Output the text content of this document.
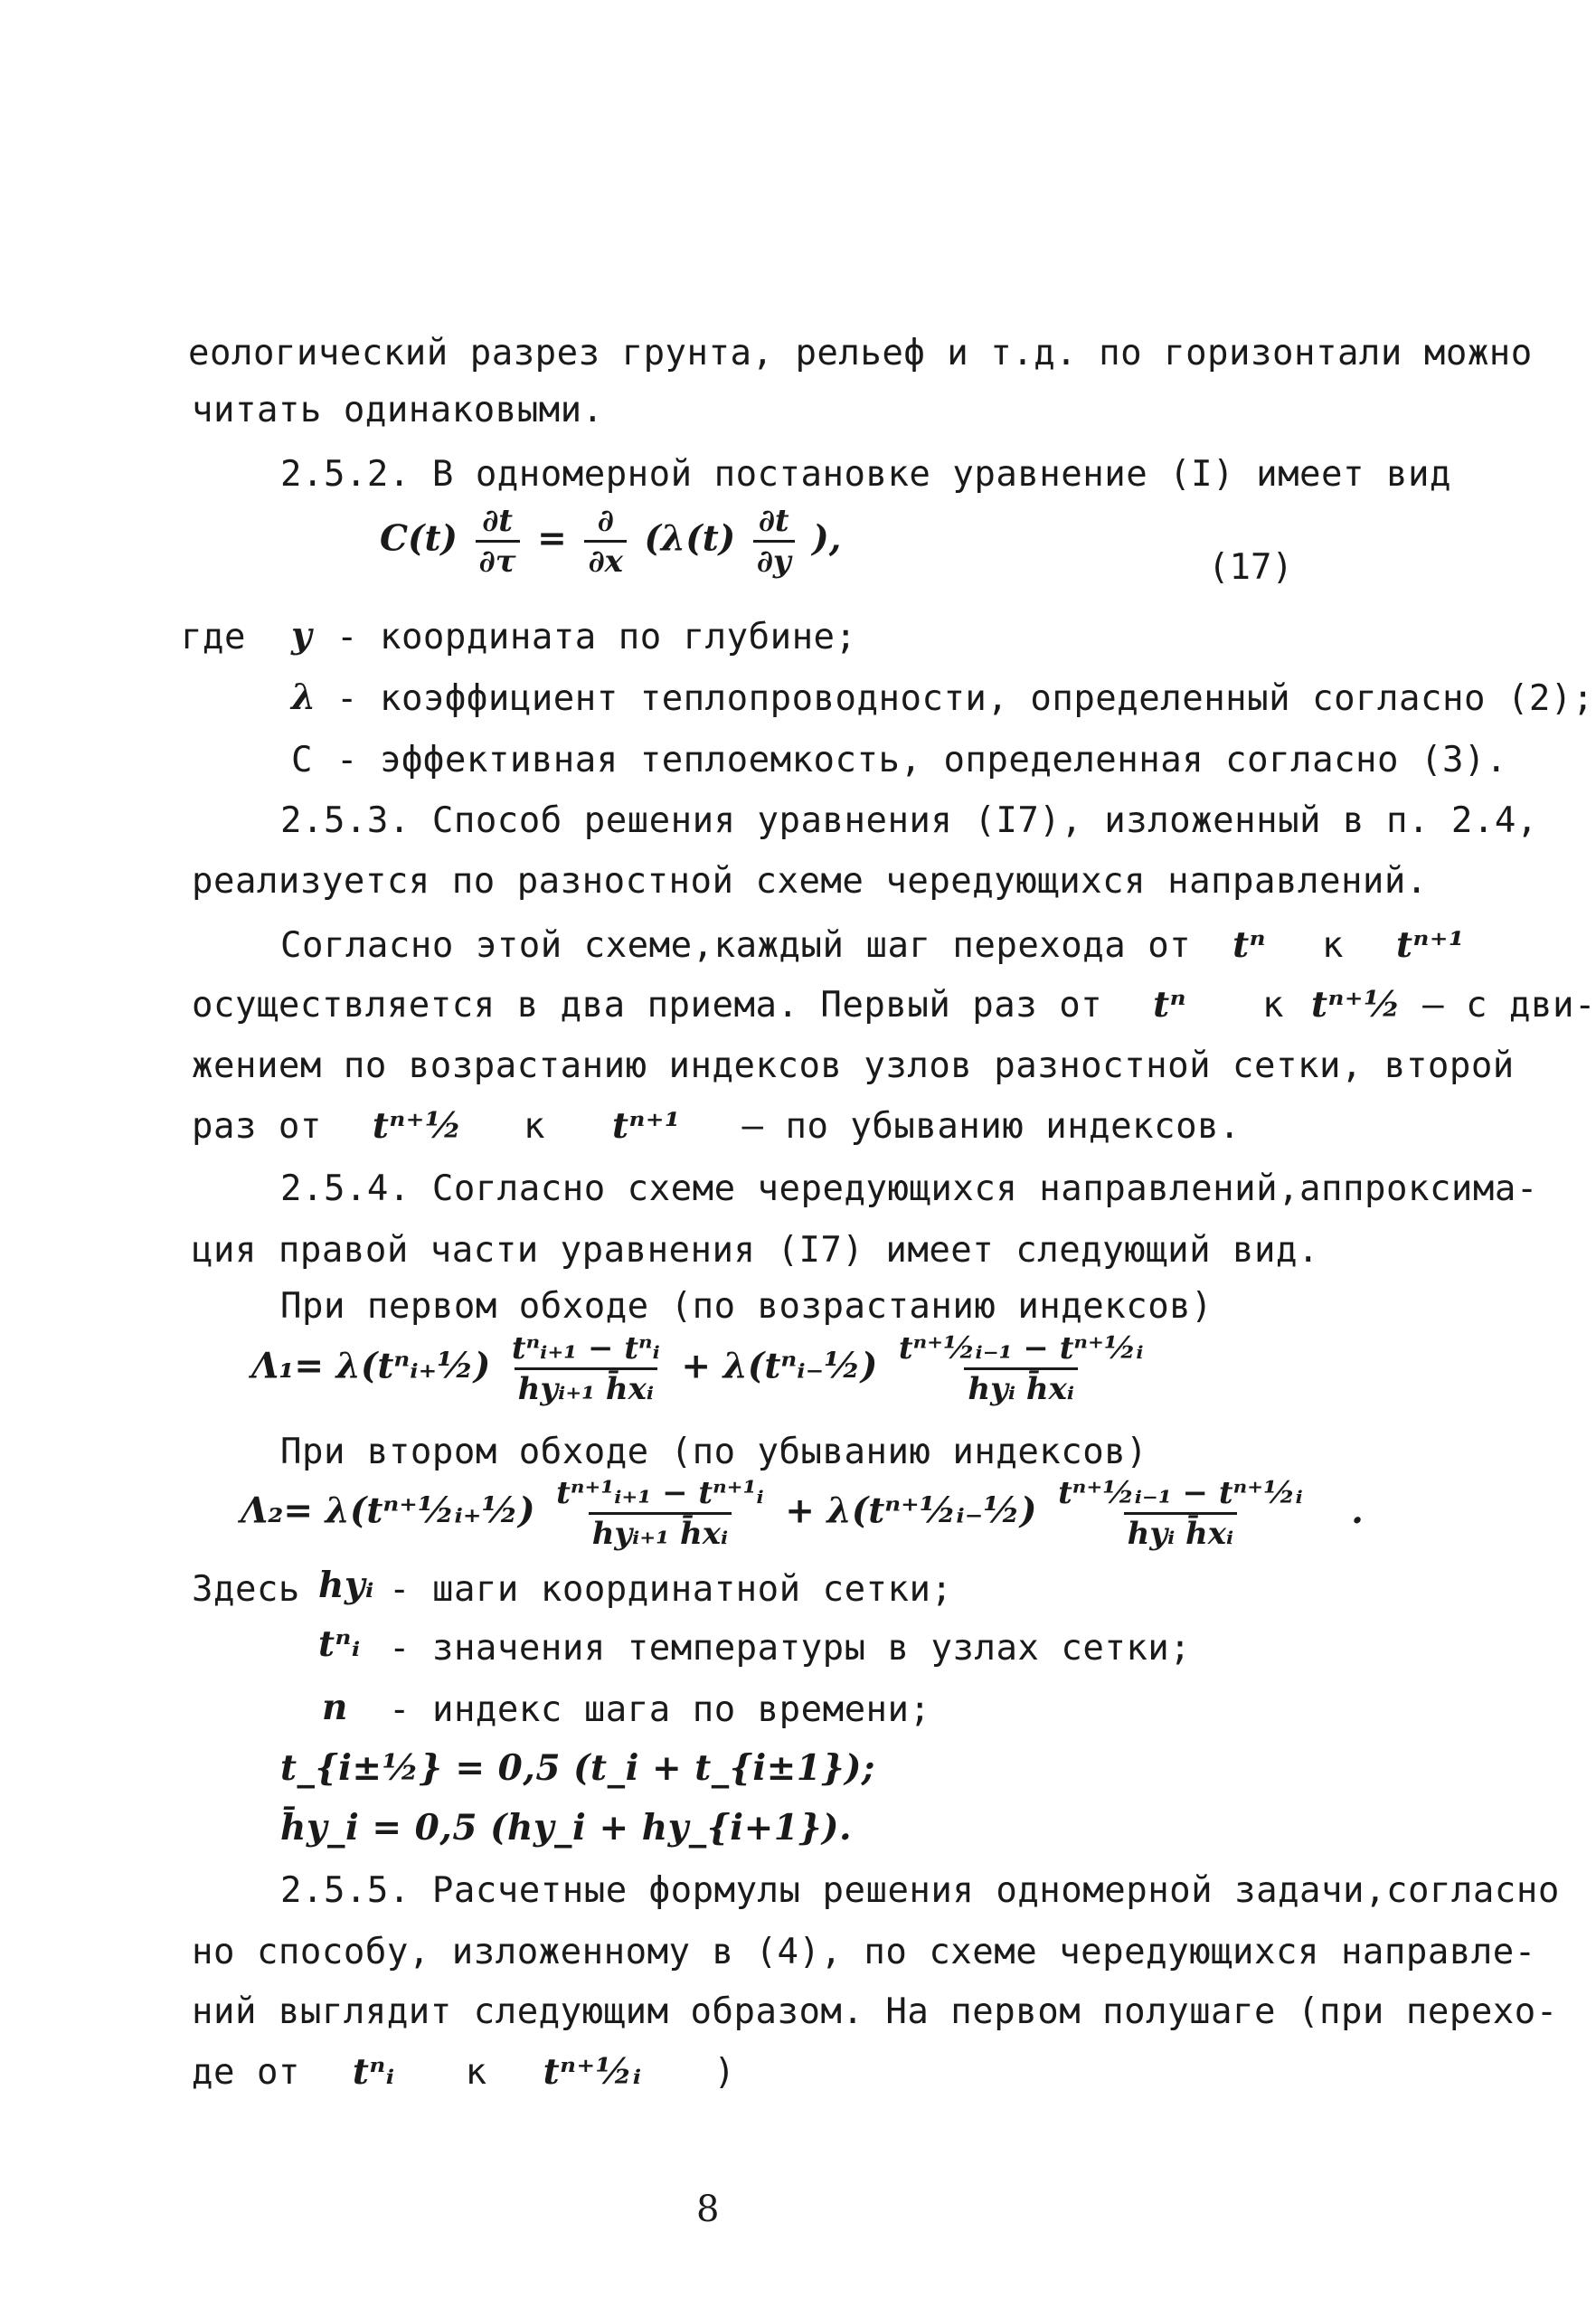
еологический разрез грунта, рельеф и т.д. по горизонтали можно
читать одинаковыми.
2.5.2. В одномерной постановке уравнение (I) имеет вид
$C(t) \frac{\partial t}{\partial\tau} = \frac{\partial}{\partial x} (\lambda(t) \frac{\partial t}{\partial y}$ ),
(17)
где y - координата по глубине;
λ - коэффициент теплопроводности, определенный согласно (2);
С - эффективная теплоемкость, определенная согласно (3).
2.5.3. Способ решения уравнения (I7), изложенный в п. 2.4,
реализуется по разностной схеме чередующихся направлений.
Согласно этой схеме,каждый шаг перехода от tⁿ к tⁿ⁺¹
осуществляется в два приема. Первый раз от tⁿ к tⁿ⁺½ – с дви-
жением по возрастанию индексов узлов разностной сетки, второй
раз от tⁿ⁺½ к tⁿ⁺¹ – по убыванию индексов.
2.5.4. Согласно схеме чередующихся направлений,аппроксима-
ция правой части уравнения (I7) имеет следующий вид.
При первом обходе (по возрастанию индексов)
Λ₁= λ(tⁿᵢ₊½) $\frac{\text{tⁿᵢ₊₁ − tⁿᵢ}}{\text{hyᵢ₊₁ h̄xᵢ}}$ + λ(tⁿᵢ₋½) $\frac{\text{tⁿ⁺½ᵢ₋₁ − tⁿ⁺½ᵢ}}{\text{hyᵢ h̄xᵢ}}$
При втором обходе (по убыванию индексов)
Λ₂= λ(tⁿ⁺½ᵢ₊½) $\frac{\text{tⁿ⁺¹ᵢ₊₁ − tⁿ⁺¹ᵢ}}{\text{hyᵢ₊₁ h̄xᵢ}}$ + λ(tⁿ⁺½ᵢ₋½) $\frac{\text{tⁿ⁺½ᵢ₋₁ − tⁿ⁺½ᵢ}}{\text{hyᵢ h̄xᵢ}}$ .
Здесь hyᵢ - шаги координатной сетки;
tⁿᵢ - значения температуры в узлах сетки;
n - индекс шага по времени;
t_{i±½} = 0,5 (t_i + t_{i±1});
h̄y_i = 0,5 (hy_i + hy_{i+1}).
2.5.5. Расчетные формулы решения одномерной задачи,согласно
но способу, изложенному в (4), по схеме чередующихся направле-
ний выглядит следующим образом. На первом полушаге (при перехо-
де от tⁿᵢ к tⁿ⁺½ᵢ )
8
